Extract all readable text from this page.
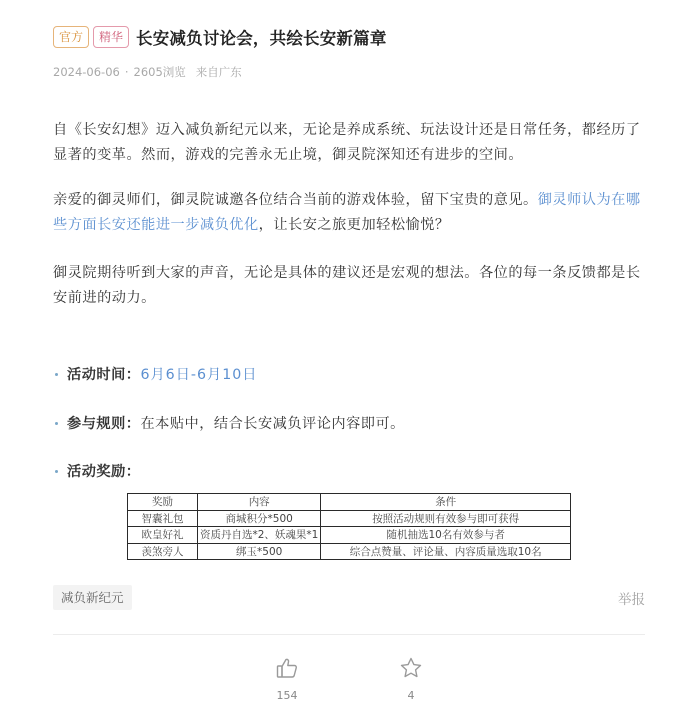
官方	精华 长安减负讨论会，共绘长安新篇章
2024-06-06 · 2605浏览 来自广东

自《长安幻想》迈入减负新纪元以来，无论是养成系统、玩法设计还是日常任务，都经历了显著的变革。然而，游戏的完善永无止境，御灵院深知还有进步的空间。

亲爱的御灵师们，御灵院诚邀各位结合当前的游戏体验，留下宝贵的意见。御灵师认为在哪些方面长安还能进一步减负优化，让长安之旅更加轻松愉悦？

御灵院期待听到大家的声音，无论是具体的建议还是宏观的想法。各位的每一条反馈都是长安前进的动力。

活动时间： 6月6日-6月10日
参与规则： 在本贴中，结合长安减负评论内容即可。
活动奖励：
奖励	内容	条件
智囊礼包	商城积分*500	按照活动规则有效参与即可获得
欧皇好礼	资质丹自选*2、妖魂果*1	随机抽选10名有效参与者
羡煞旁人	绑玉*500	综合点赞量、评论量、内容质量选取10名
减负新纪元	举报
154	4
